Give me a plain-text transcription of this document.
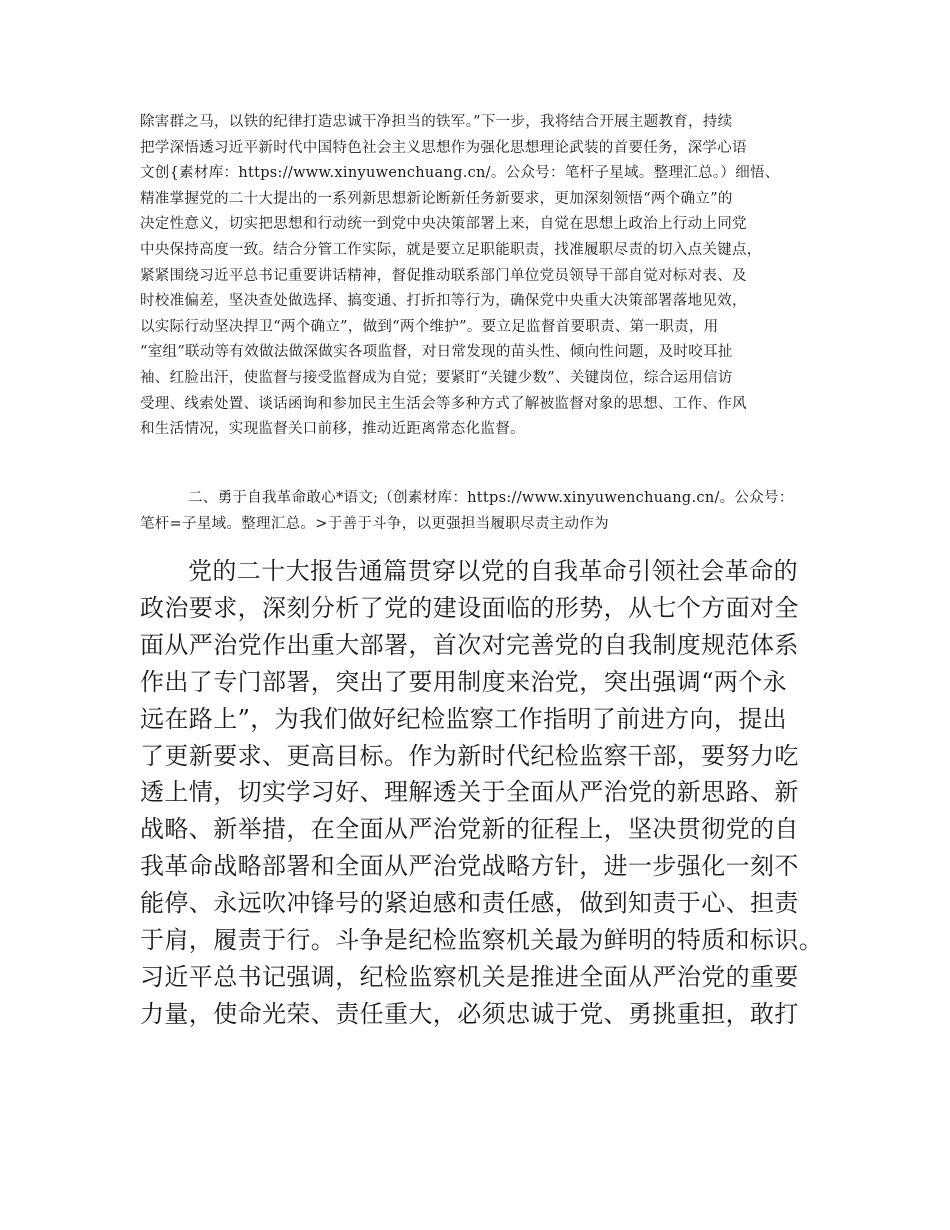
除害群之马，以铁的纪律打造忠诚干净担当的铁军。”下一步，我将结合开展主题教育，持续
把学深悟透习近平新时代中国特色社会主义思想作为强化思想理论武装的首要任务，深学心语
文创{素材库：https://www.xinyuwenchuang.cn/。公众号：笔杆子星域。整理汇总。）细悟、
精准掌握党的二十大提出的一系列新思想新论断新任务新要求，更加深刻领悟“两个确立”的
决定性意义，切实把思想和行动统一到党中央决策部署上来，自觉在思想上政治上行动上同党
中央保持高度一致。结合分管工作实际，就是要立足职能职责，找准履职尽责的切入点关键点，
紧紧围绕习近平总书记重要讲话精神，督促推动联系部门单位党员领导干部自觉对标对表、及
时校准偏差，坚决查处做选择、搞变通、打折扣等行为，确保党中央重大决策部署落地见效，
以实际行动坚决捍卫“两个确立”，做到“两个维护”。要立足监督首要职责、第一职责，用
“室组”联动等有效做法做深做实各项监督，对日常发现的苗头性、倾向性问题，及时咬耳扯
袖、红脸出汗，使监督与接受监督成为自觉；要紧盯“关键少数”、关键岗位，综合运用信访
受理、线索处置、谈话函询和参加民主生活会等多种方式了解被监督对象的思想、工作、作风
和生活情况，实现监督关口前移，推动近距离常态化监督。
二、勇于自我革命敢心*语文;（创素材库：https://www.xinyuwenchuang.cn/。公众号：
笔杆=子星域。整理汇总。>于善于斗争，以更强担当履职尽责主动作为
党的二十大报告通篇贯穿以党的自我革命引领社会革命的
政治要求，深刻分析了党的建设面临的形势，从七个方面对全
面从严治党作出重大部署，首次对完善党的自我制度规范体系
作出了专门部署，突出了要用制度来治党，突出强调“两个永
远在路上”，为我们做好纪检监察工作指明了前进方向，提出
了更新要求、更高目标。作为新时代纪检监察干部，要努力吃
透上情，切实学习好、理解透关于全面从严治党的新思路、新
战略、新举措，在全面从严治党新的征程上，坚决贯彻党的自
我革命战略部署和全面从严治党战略方针，进一步强化一刻不
能停、永远吹冲锋号的紧迫感和责任感，做到知责于心、担责
于肩，履责于行。斗争是纪检监察机关最为鲜明的特质和标识。
习近平总书记强调，纪检监察机关是推进全面从严治党的重要
力量，使命光荣、责任重大，必须忠诚于党、勇挑重担，敢打
